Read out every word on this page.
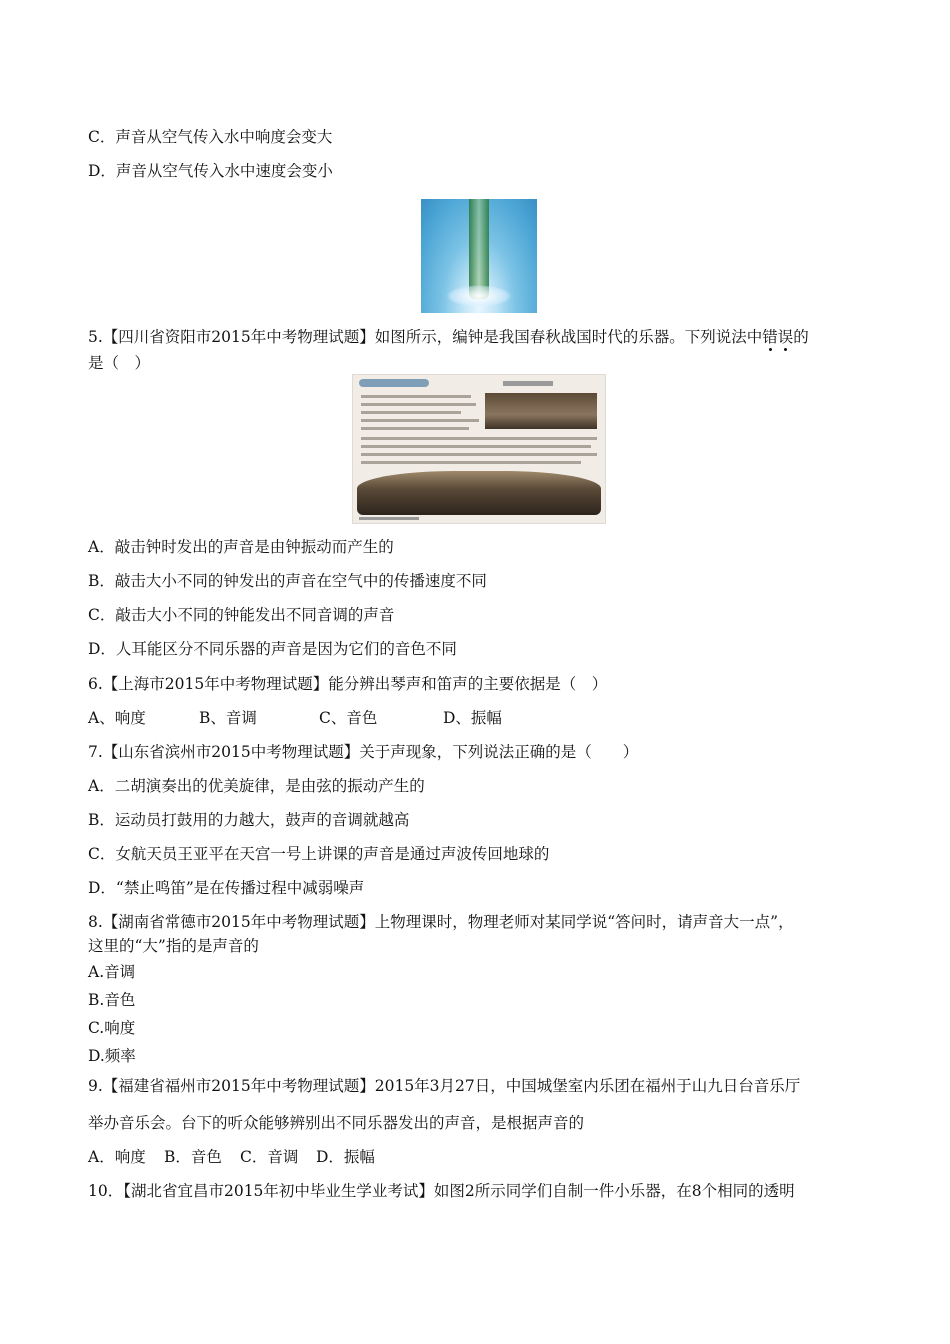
C．声音从空气传入水中响度会变大
D．声音从空气传入水中速度会变小
5.【四川省资阳市2015年中考物理试题】如图所示，编钟是我国春秋战国时代的乐器。下列说法中错误的
是（　）
A．敲击钟时发出的声音是由钟振动而产生的
B．敲击大小不同的钟发出的声音在空气中的传播速度不同
C．敲击大小不同的钟能发出不同音调的声音
D．人耳能区分不同乐器的声音是因为它们的音色不同
6.【上海市2015年中考物理试题】能分辨出琴声和笛声的主要依据是（　）
A、响度	B、音调	C、音色	D、振幅
7.【山东省滨州市2015中考物理试题】关于声现象，下列说法正确的是（　　）
A．二胡演奏出的优美旋律，是由弦的振动产生的
B．运动员打鼓用的力越大，鼓声的音调就越高
C．女航天员王亚平在天宫一号上讲课的声音是通过声波传回地球的
D．“禁止鸣笛”是在传播过程中减弱噪声
8.【湖南省常德市2015年中考物理试题】上物理课时，物理老师对某同学说“答问时，请声音大一点”，
这里的“大”指的是声音的
A.音调
B.音色
C.响度
D.频率
9.【福建省福州市2015年中考物理试题】2015年3月27日，中国城堡室内乐团在福州于山九日台音乐厅
举办音乐会。台下的听众能够辨别出不同乐器发出的声音，是根据声音的
A．响度 B．音色 C．音调 D．振幅
10．【湖北省宜昌市2015年初中毕业生学业考试】如图2所示同学们自制一件小乐器，在8个相同的透明
